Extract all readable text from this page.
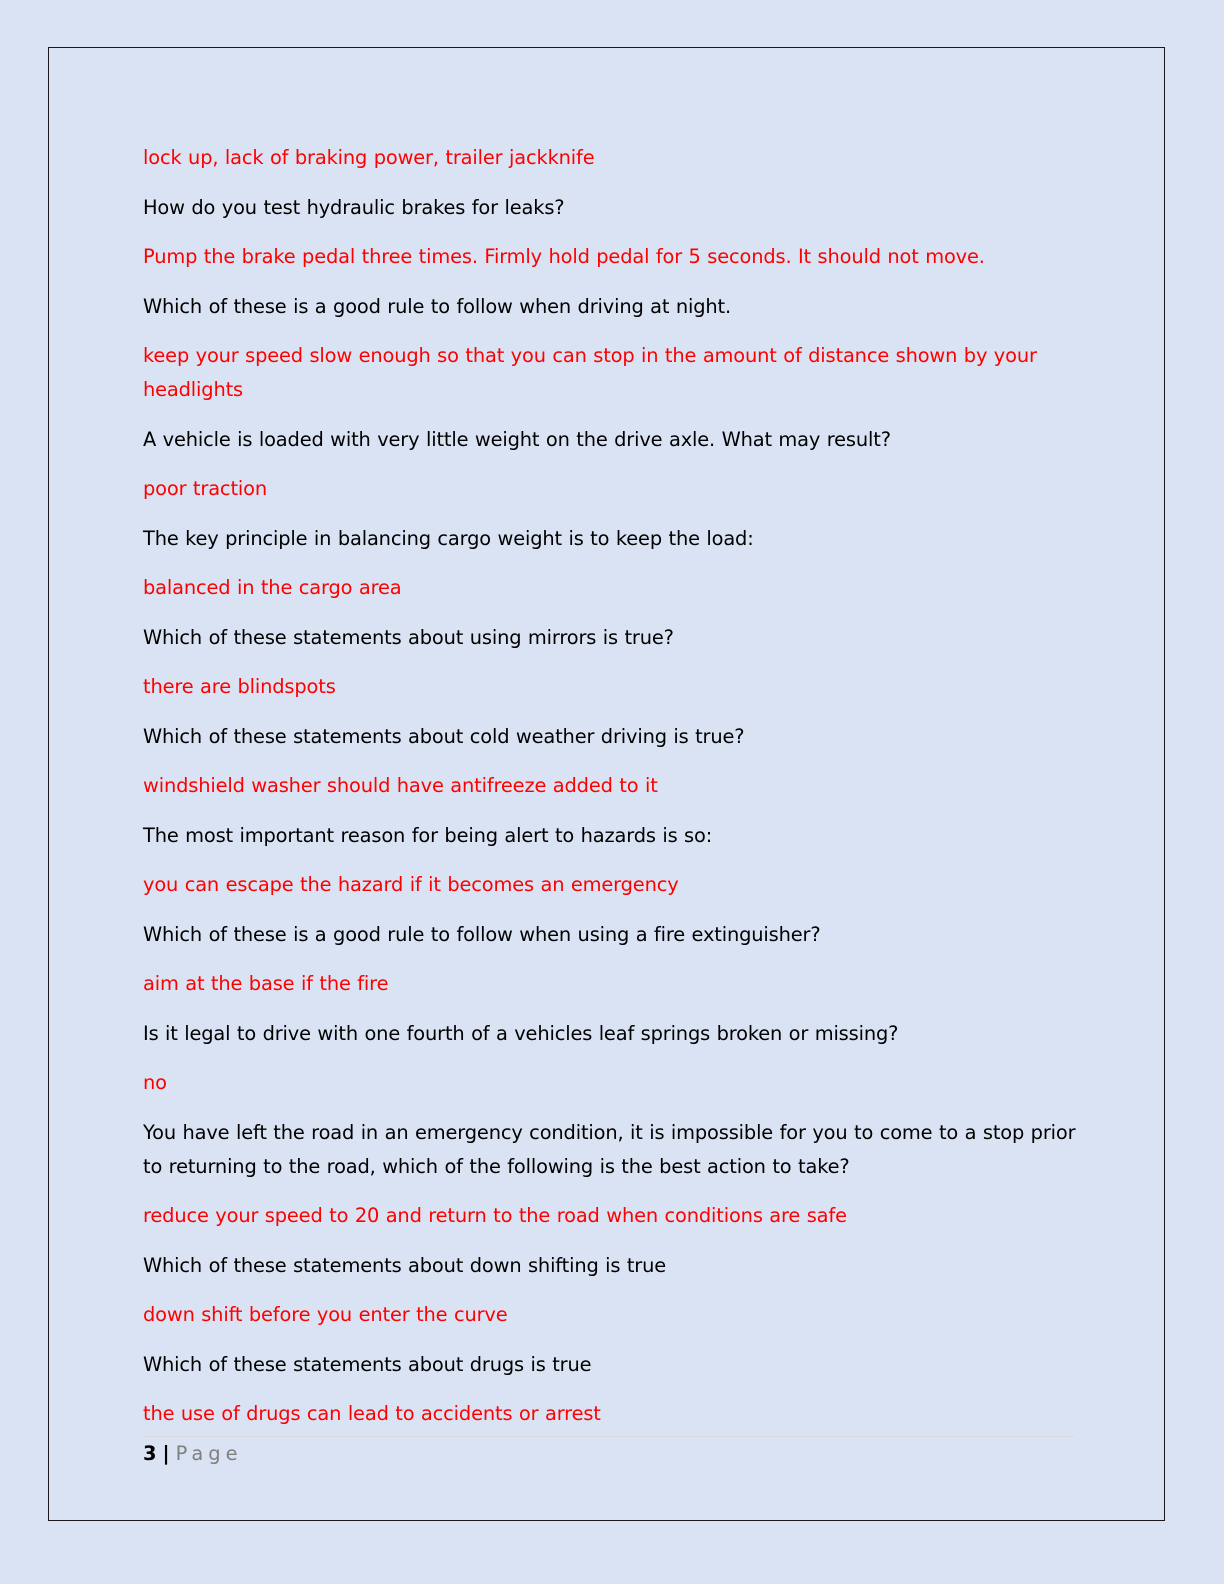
lock up, lack of braking power, trailer jackknife

How do you test hydraulic brakes for leaks?

Pump the brake pedal three times. Firmly hold pedal for 5 seconds. It should not move.

Which of these is a good rule to follow when driving at night.

keep your speed slow enough so that you can stop in the amount of distance shown by your headlights

A vehicle is loaded with very little weight on the drive axle. What may result?

poor traction

The key principle in balancing cargo weight is to keep the load:

balanced in the cargo area

Which of these statements about using mirrors is true?

there are blindspots

Which of these statements about cold weather driving is true?

windshield washer should have antifreeze added to it

The most important reason for being alert to hazards is so:

you can escape the hazard if it becomes an emergency

Which of these is a good rule to follow when using a fire extinguisher?

aim at the base if the fire

Is it legal to drive with one fourth of a vehicles leaf springs broken or missing?

no

You have left the road in an emergency condition, it is impossible for you to come to a stop prior to returning to the road, which of the following is the best action to take?

reduce your speed to 20 and return to the road when conditions are safe

Which of these statements about down shifting is true

down shift before you enter the curve

Which of these statements about drugs is true

the use of drugs can lead to accidents or arrest

3 | Page
